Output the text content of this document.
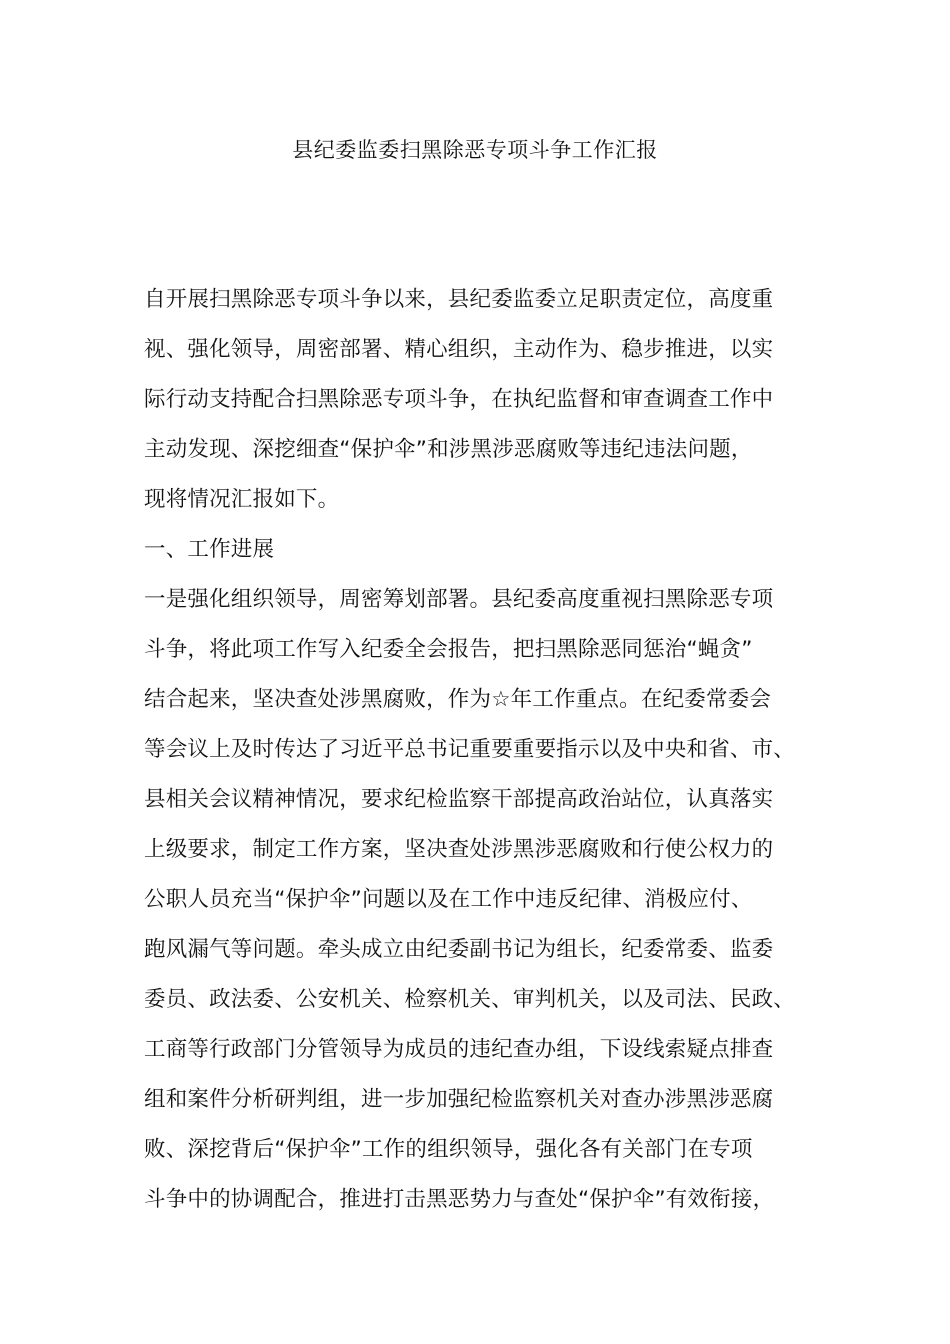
县纪委监委扫黑除恶专项斗争工作汇报
自开展扫黑除恶专项斗争以来，县纪委监委立足职责定位，高度重
视、强化领导，周密部署、精心组织，主动作为、稳步推进，以实
际行动支持配合扫黑除恶专项斗争，在执纪监督和审查调查工作中
主动发现、深挖细查“保护伞”和涉黑涉恶腐败等违纪违法问题，
现将情况汇报如下。
一、工作进展
一是强化组织领导，周密筹划部署。县纪委高度重视扫黑除恶专项
斗争，将此项工作写入纪委全会报告，把扫黑除恶同惩治“蝇贪”
结合起来，坚决查处涉黑腐败，作为☆年工作重点。在纪委常委会
等会议上及时传达了习近平总书记重要重要指示以及中央和省、市、
县相关会议精神情况，要求纪检监察干部提高政治站位，认真落实
上级要求，制定工作方案，坚决查处涉黑涉恶腐败和行使公权力的
公职人员充当“保护伞”问题以及在工作中违反纪律、消极应付、
跑风漏气等问题。牵头成立由纪委副书记为组长，纪委常委、监委
委员、政法委、公安机关、检察机关、审判机关，以及司法、民政、
工商等行政部门分管领导为成员的违纪查办组，下设线索疑点排查
组和案件分析研判组，进一步加强纪检监察机关对查办涉黑涉恶腐
败、深挖背后“保护伞”工作的组织领导，强化各有关部门在专项
斗争中的协调配合，推进打击黑恶势力与查处“保护伞”有效衔接，
